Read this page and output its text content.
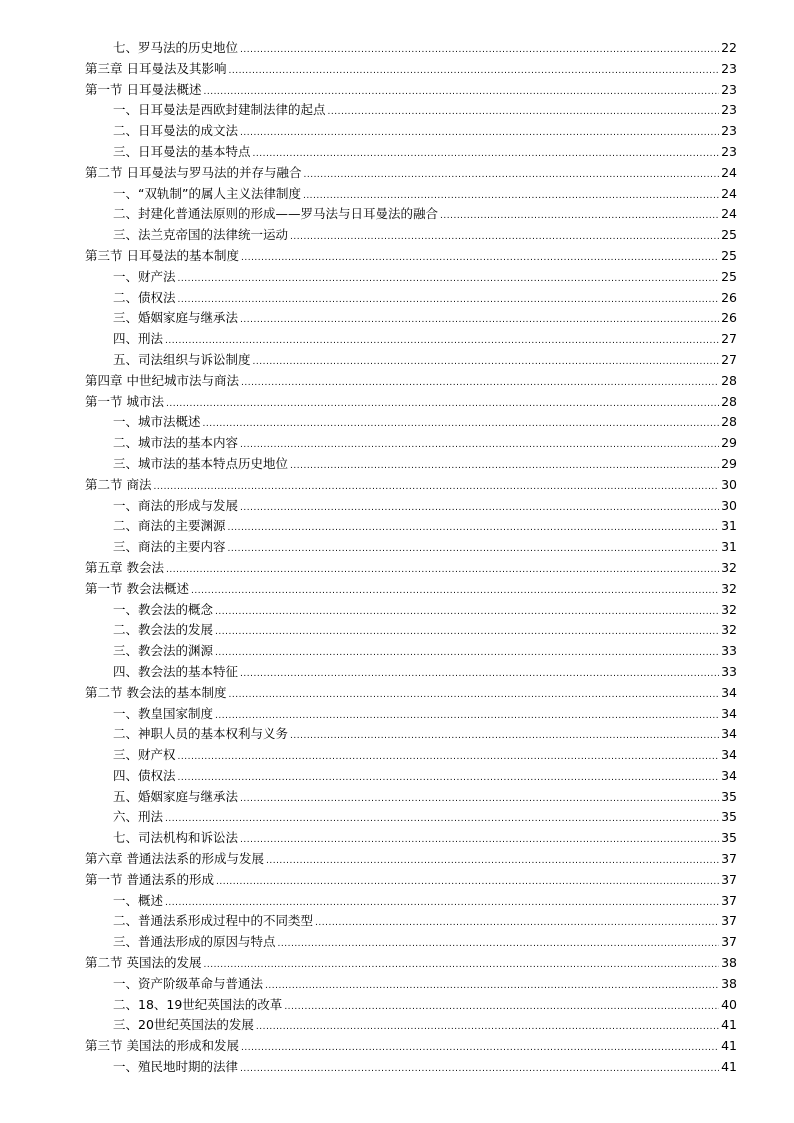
七、罗马法的历史地位 .....	22
第三章 日耳曼法及其影响 .....	23
第一节 日耳曼法概述 .....	23
一、日耳曼法是西欧封建制法律的起点 .....	23
二、日耳曼法的成文法 .....	23
三、日耳曼法的基本特点 .....	23
第二节 日耳曼法与罗马法的并存与融合 .....	24
一、“双轨制”的属人主义法律制度 .....	24
二、封建化普通法原则的形成——罗马法与日耳曼法的融合 .....	24
三、法兰克帝国的法律统一运动 .....	25
第三节 日耳曼法的基本制度 .....	25
一、财产法 .....	25
二、债权法 .....	26
三、婚姻家庭与继承法 .....	26
四、刑法 .....	27
五、司法组织与诉讼制度 .....	27
第四章 中世纪城市法与商法 .....	28
第一节 城市法 .....	28
一、城市法概述 .....	28
二、城市法的基本内容 .....	29
三、城市法的基本特点历史地位 .....	29
第二节 商法 .....	30
一、商法的形成与发展 .....	30
二、商法的主要渊源 .....	31
三、商法的主要内容 .....	31
第五章 教会法 .....	32
第一节 教会法概述 .....	32
一、教会法的概念 .....	32
二、教会法的发展 .....	32
三、教会法的渊源 .....	33
四、教会法的基本特征 .....	33
第二节 教会法的基本制度 .....	34
一、教皇国家制度 .....	34
二、神职人员的基本权利与义务 .....	34
三、财产权 .....	34
四、债权法 .....	34
五、婚姻家庭与继承法 .....	35
六、刑法 .....	35
七、司法机构和诉讼法 .....	35
第六章 普通法法系的形成与发展 .....	37
第一节 普通法系的形成 .....	37
一、概述 .....	37
二、普通法系形成过程中的不同类型 .....	37
三、普通法形成的原因与特点 .....	37
第二节 英国法的发展 .....	38
一、资产阶级革命与普通法 .....	38
二、18、19世纪英国法的改革 .....	40
三、20世纪英国法的发展 .....	41
第三节 美国法的形成和发展 .....	41
一、殖民地时期的法律 .....	41
